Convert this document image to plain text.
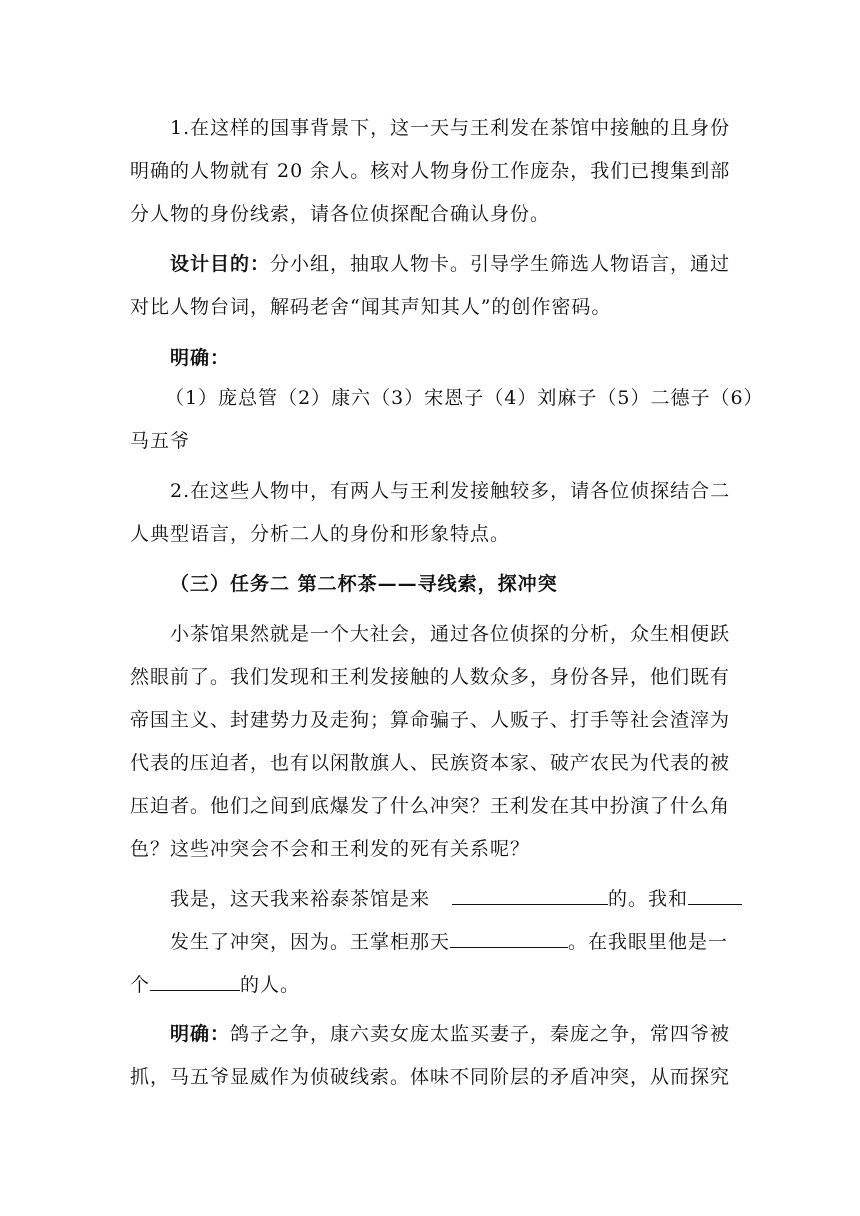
1.在这样的国事背景下，这一天与王利发在茶馆中接触的且身份
明确的人物就有 20 余人。核对人物身份工作庞杂，我们已搜集到部
分人物的身份线索，请各位侦探配合确认身份。
设计目的：分小组，抽取人物卡。引导学生筛选人物语言，通过
对比人物台词，解码老舍“闻其声知其人”的创作密码。
明确：
（1）庞总管（2）康六（3）宋恩子（4）刘麻子（5）二德子（6）
马五爷
2.在这些人物中，有两人与王利发接触较多，请各位侦探结合二
人典型语言，分析二人的身份和形象特点。
（三）任务二 第二杯茶——寻线索，探冲突
小茶馆果然就是一个大社会，通过各位侦探的分析，众生相便跃
然眼前了。我们发现和王利发接触的人数众多，身份各异，他们既有
帝国主义、封建势力及走狗；算命骗子、人贩子、打手等社会渣滓为
代表的压迫者，也有以闲散旗人、民族资本家、破产农民为代表的被
压迫者。他们之间到底爆发了什么冲突？王利发在其中扮演了什么角
色？这些冲突会不会和王利发的死有关系呢？
我是，这天我来裕泰茶馆是来	的。我和
发生了冲突，因为。王掌柜那天	。在我眼里他是一
个	的人。
明确：鸽子之争，康六卖女庞太监买妻子，秦庞之争，常四爷被
抓，马五爷显威作为侦破线索。体味不同阶层的矛盾冲突，从而探究
